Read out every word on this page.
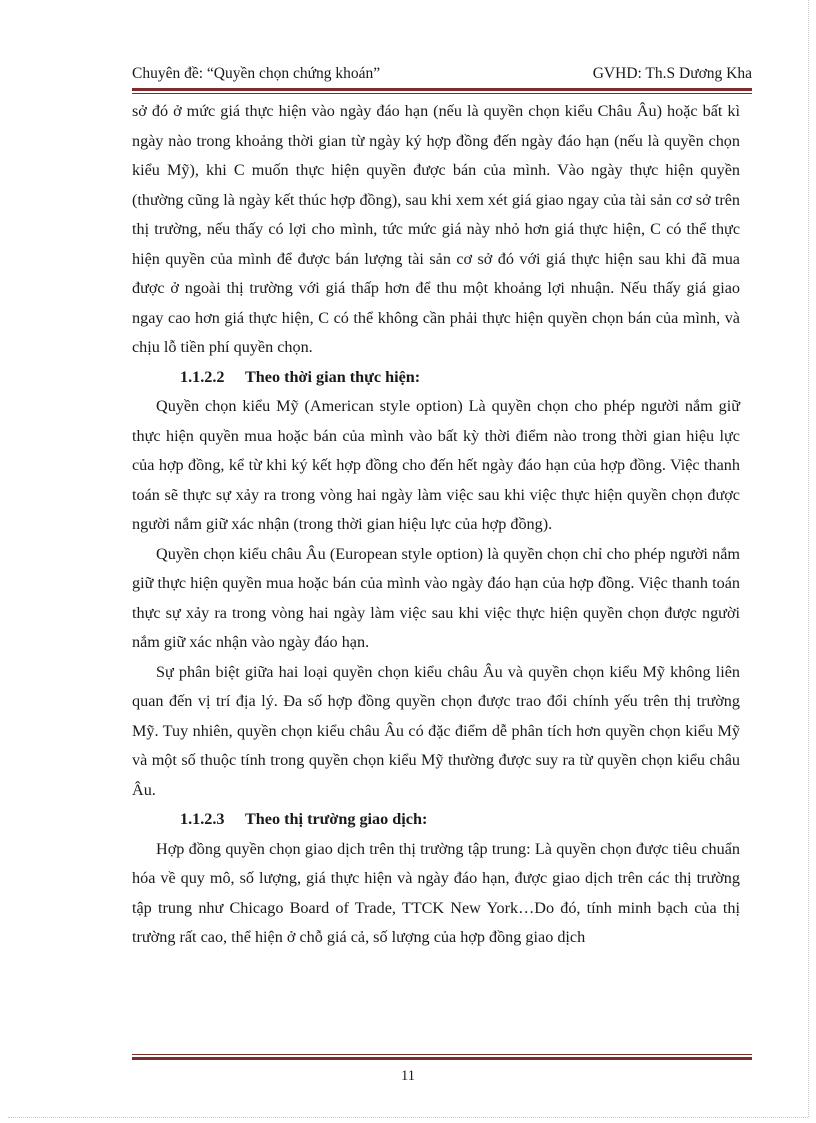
Chuyên đề: “Quyền chọn chứng khoán”	GVHD: Th.S Dương Kha

sở đó ở mức giá thực hiện vào ngày đáo hạn (nếu là quyền chọn kiểu Châu Âu) hoặc bất kì ngày nào trong khoảng thời gian từ ngày ký hợp đồng đến ngày đáo hạn (nếu là quyền chọn kiểu Mỹ), khi C muốn thực hiện quyền được bán của mình. Vào ngày thực hiện quyền (thường cũng là ngày kết thúc hợp đồng), sau khi xem xét giá giao ngay của tài sản cơ sở trên thị trường, nếu thấy có lợi cho mình, tức mức giá này nhỏ hơn giá thực hiện, C có thể thực hiện quyền của mình để được bán lượng tài sản cơ sở đó với giá thực hiện sau khi đã mua được ở ngoài thị trường với giá thấp hơn để thu một khoảng lợi nhuận. Nếu thấy giá giao ngay cao hơn giá thực hiện, C có thể không cần phải thực hiện quyền chọn bán của mình, và chịu lỗ tiền phí quyền chọn.

1.1.2.2 Theo thời gian thực hiện:

Quyền chọn kiểu Mỹ (American style option) Là quyền chọn cho phép người nắm giữ thực hiện quyền mua hoặc bán của mình vào bất kỳ thời điểm nào trong thời gian hiệu lực của hợp đồng, kể từ khi ký kết hợp đồng cho đến hết ngày đáo hạn của hợp đồng. Việc thanh toán sẽ thực sự xảy ra trong vòng hai ngày làm việc sau khi việc thực hiện quyền chọn được người nắm giữ xác nhận (trong thời gian hiệu lực của hợp đồng).

Quyền chọn kiểu châu Âu (European style option) là quyền chọn chỉ cho phép người nắm giữ thực hiện quyền mua hoặc bán của mình vào ngày đáo hạn của hợp đồng. Việc thanh toán thực sự xảy ra trong vòng hai ngày làm việc sau khi việc thực hiện quyền chọn được người nắm giữ xác nhận vào ngày đáo hạn.

Sự phân biệt giữa hai loại quyền chọn kiểu châu Âu và quyền chọn kiểu Mỹ không liên quan đến vị trí địa lý. Đa số hợp đồng quyền chọn được trao đổi chính yếu trên thị trường Mỹ. Tuy nhiên, quyền chọn kiểu châu Âu có đặc điểm dễ phân tích hơn quyền chọn kiểu Mỹ và một số thuộc tính trong quyền chọn kiểu Mỹ thường được suy ra từ quyền chọn kiểu châu Âu.

1.1.2.3 Theo thị trường giao dịch:

Hợp đồng quyền chọn giao dịch trên thị trường tập trung: Là quyền chọn được tiêu chuẩn hóa về quy mô, số lượng, giá thực hiện và ngày đáo hạn, được giao dịch trên các thị trường tập trung như Chicago Board of Trade, TTCK New York…Do đó, tính minh bạch của thị trường rất cao, thể hiện ở chỗ giá cả, số lượng của hợp đồng giao dịch

11
